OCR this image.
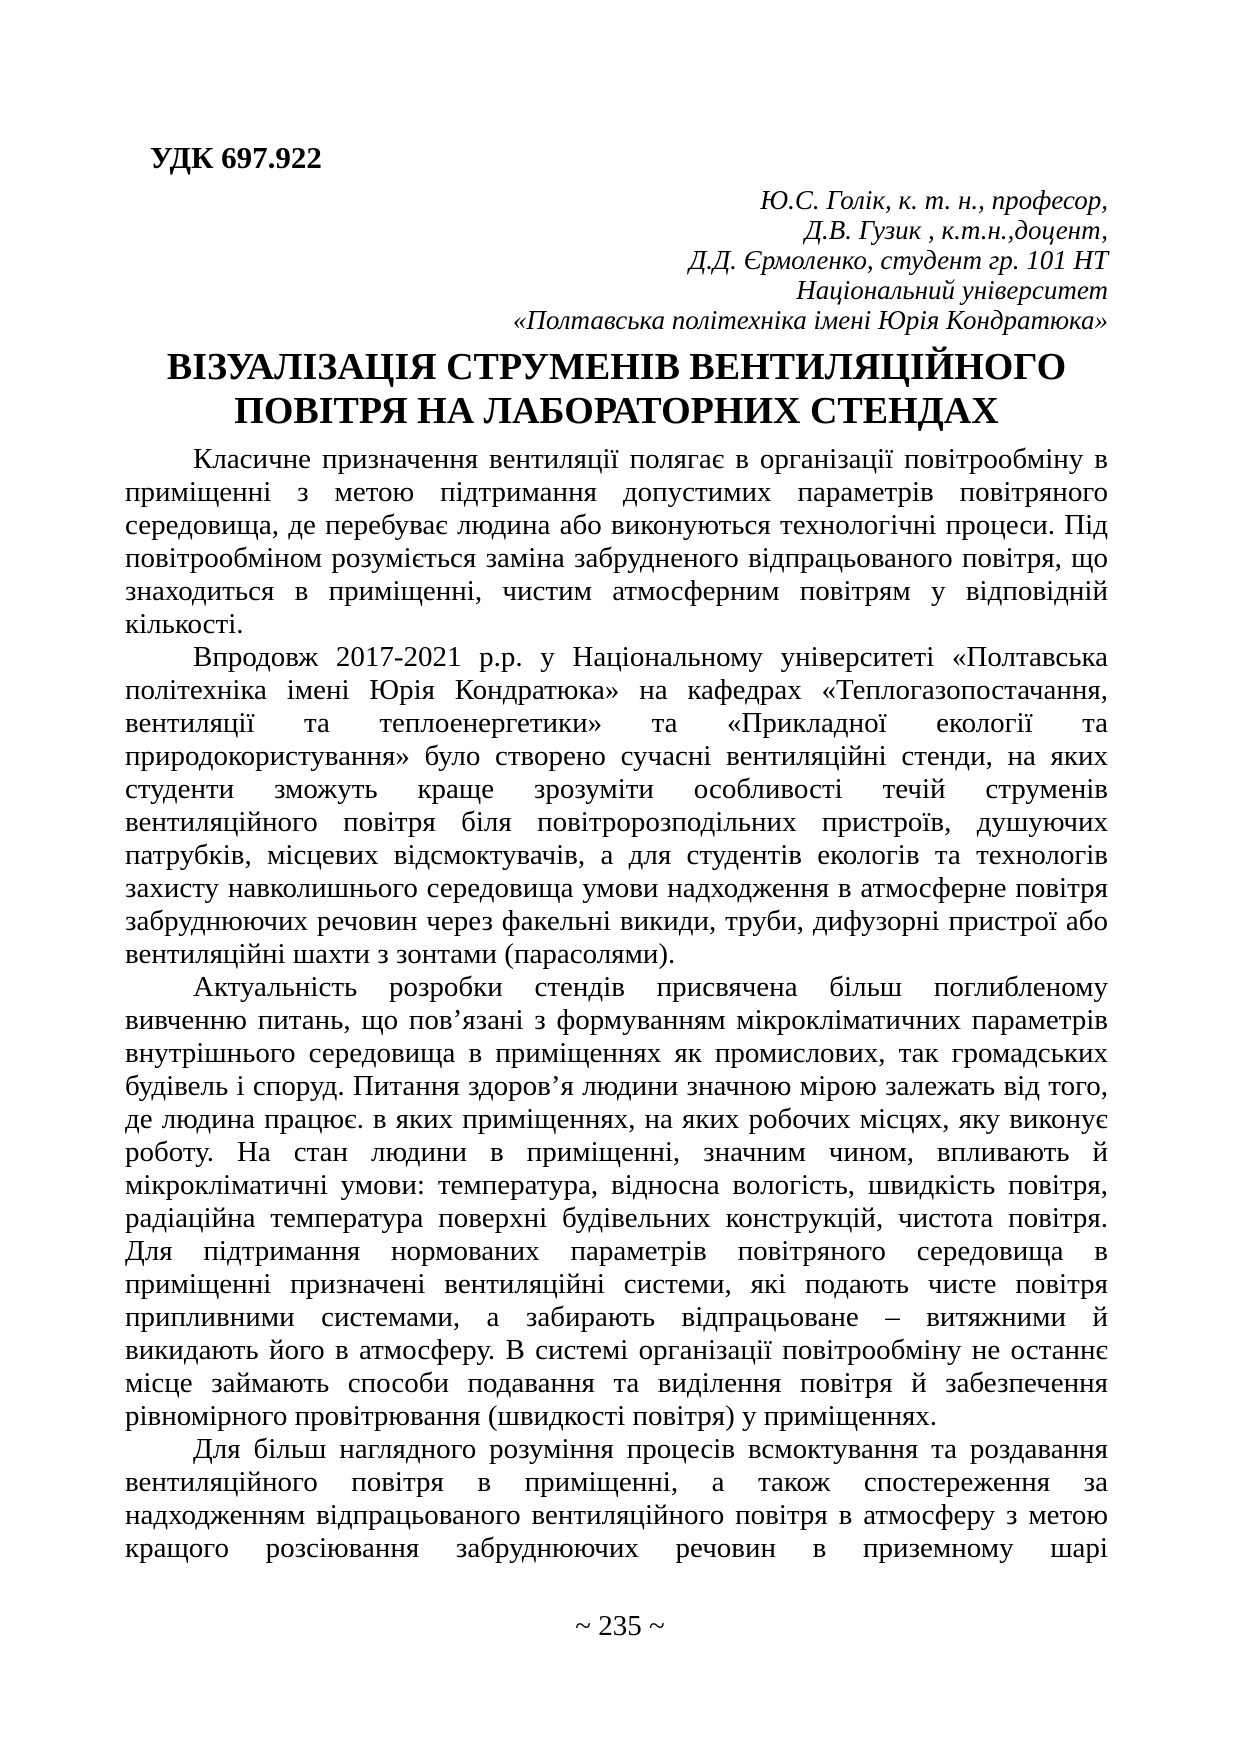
УДК 697.922
Ю.С. Голік, к. т. н., професор,
Д.В. Гузик , к.т.н.,доцент,
Д.Д. Єрмоленко, студент гр. 101 НТ
Національний університет
«Полтавська політехніка імені Юрія Кондратюка»
ВІЗУАЛІЗАЦІЯ СТРУМЕНІВ ВЕНТИЛЯЦІЙНОГО ПОВІТРЯ НА ЛАБОРАТОРНИХ СТЕНДАХ

Класичне призначення вентиляції полягає в організації повітрообміну в приміщенні з метою підтримання допустимих параметрів повітряного середовища, де перебуває людина або виконуються технологічні процеси. Під повітрообміном розуміється заміна забрудненого відпрацьованого повітря, що знаходиться в приміщенні, чистим атмосферним повітрям у відповідній кількості.

Впродовж 2017-2021 р.р. у Національному університеті «Полтавська політехніка імені Юрія Кондратюка» на кафедрах «Теплогазопостачання, вентиляції та теплоенергетики» та «Прикладної екології та природокористування» було створено сучасні вентиляційні стенди, на яких студенти зможуть краще зрозуміти особливості течій струменів вентиляційного повітря біля повітророзподільних пристроїв, душуючих патрубків, місцевих відсмоктувачів, а для студентів екологів та технологів захисту навколишнього середовища умови надходження в атмосферне повітря забруднюючих речовин через факельні викиди, труби, дифузорні пристрої або вентиляційні шахти з зонтами (парасолями).

Актуальність розробки стендів присвячена більш поглибленому вивченню питань, що пов’язані з формуванням мікрокліматичних параметрів внутрішнього середовища в приміщеннях як промислових, так громадських будівель і споруд. Питання здоров’я людини значною мірою залежать від того, де людина працює. в яких приміщеннях, на яких робочих місцях, яку виконує роботу. На стан людини в приміщенні, значним чином, впливають й мікрокліматичні умови: температура, відносна вологість, швидкість повітря, радіаційна температура поверхні будівельних конструкцій, чистота повітря. Для підтримання нормованих параметрів повітряного середовища в приміщенні призначені вентиляційні системи, які подають чисте повітря припливними системами, а забирають відпрацьоване – витяжними й викидають його в атмосферу. В системі організації повітрообміну не останнє місце займають способи подавання та виділення повітря й забезпечення рівномірного провітрювання (швидкості повітря) у приміщеннях.

Для більш наглядного розуміння процесів всмоктування та роздавання вентиляційного повітря в приміщенні, а також спостереження за надходженням відпрацьованого вентиляційного повітря в атмосферу з метою кращого розсіювання забруднюючих речовин в приземному шарі

~ 235 ~
